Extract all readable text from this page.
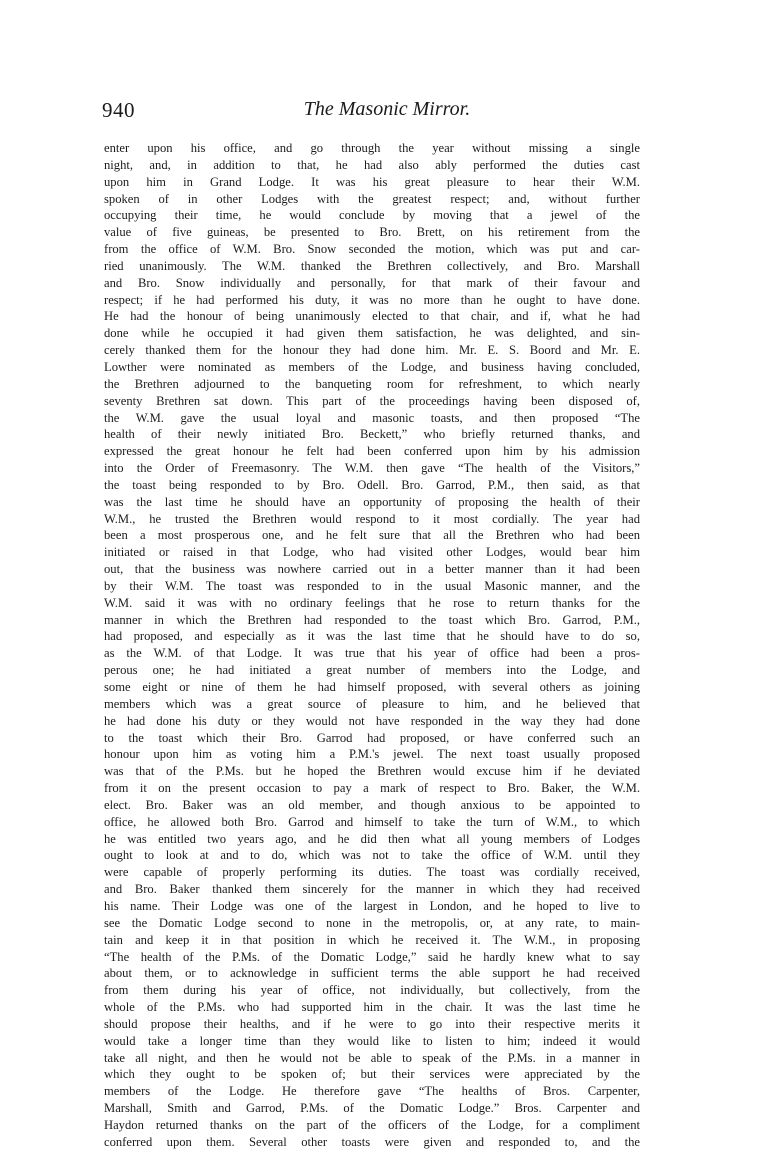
940	The Masonic Mirror.
enter upon his office, and go through the year without missing a single
night, and, in addition to that, he had also ably performed the duties cast
upon him in Grand Lodge. It was his great pleasure to hear their W.M.
spoken of in other Lodges with the greatest respect; and, without further
occupying their time, he would conclude by moving that a jewel of the
value of five guineas, be presented to Bro. Brett, on his retirement from the
from the office of W.M. Bro. Snow seconded the motion, which was put and car-
ried unanimously. The W.M. thanked the Brethren collectively, and Bro. Marshall
and Bro. Snow individually and personally, for that mark of their favour and
respect; if he had performed his duty, it was no more than he ought to have done.
He had the honour of being unanimously elected to that chair, and if, what he had
done while he occupied it had given them satisfaction, he was delighted, and sin-
cerely thanked them for the honour they had done him. Mr. E. S. Boord and Mr. E.
Lowther were nominated as members of the Lodge, and business having concluded,
the Brethren adjourned to the banqueting room for refreshment, to which nearly
seventy Brethren sat down. This part of the proceedings having been disposed of,
the W.M. gave the usual loyal and masonic toasts, and then proposed “The
health of their newly initiated Bro. Beckett,” who briefly returned thanks, and
expressed the great honour he felt had been conferred upon him by his admission
into the Order of Freemasonry. The W.M. then gave “The health of the Visitors,”
the toast being responded to by Bro. Odell. Bro. Garrod, P.M., then said, as that
was the last time he should have an opportunity of proposing the health of their
W.M., he trusted the Brethren would respond to it most cordially. The year had
been a most prosperous one, and he felt sure that all the Brethren who had been
initiated or raised in that Lodge, who had visited other Lodges, would bear him
out, that the business was nowhere carried out in a better manner than it had been
by their W.M. The toast was responded to in the usual Masonic manner, and the
W.M. said it was with no ordinary feelings that he rose to return thanks for the
manner in which the Brethren had responded to the toast which Bro. Garrod, P.M.,
had proposed, and especially as it was the last time that he should have to do so,
as the W.M. of that Lodge. It was true that his year of office had been a pros-
perous one; he had initiated a great number of members into the Lodge, and
some eight or nine of them he had himself proposed, with several others as joining
members which was a great source of pleasure to him, and he believed that
he had done his duty or they would not have responded in the way they had done
to the toast which their Bro. Garrod had proposed, or have conferred such an
honour upon him as voting him a P.M.'s jewel. The next toast usually proposed
was that of the P.Ms. but he hoped the Brethren would excuse him if he deviated
from it on the present occasion to pay a mark of respect to Bro. Baker, the W.M.
elect. Bro. Baker was an old member, and though anxious to be appointed to
office, he allowed both Bro. Garrod and himself to take the turn of W.M., to which
he was entitled two years ago, and he did then what all young members of Lodges
ought to look at and to do, which was not to take the office of W.M. until they
were capable of properly performing its duties. The toast was cordially received,
and Bro. Baker thanked them sincerely for the manner in which they had received
his name. Their Lodge was one of the largest in London, and he hoped to live to
see the Domatic Lodge second to none in the metropolis, or, at any rate, to main-
tain and keep it in that position in which he received it. The W.M., in proposing
“The health of the P.Ms. of the Domatic Lodge,” said he hardly knew what to say
about them, or to acknowledge in sufficient terms the able support he had received
from them during his year of office, not individually, but collectively, from the
whole of the P.Ms. who had supported him in the chair. It was the last time he
should propose their healths, and if he were to go into their respective merits it
would take a longer time than they would like to listen to him; indeed it would
take all night, and then he would not be able to speak of the P.Ms. in a manner in
which they ought to be spoken of; but their services were appreciated by the
members of the Lodge. He therefore gave “The healths of Bros. Carpenter,
Marshall, Smith and Garrod, P.Ms. of the Domatic Lodge.” Bros. Carpenter and
Haydon returned thanks on the part of the officers of the Lodge, for a compliment
conferred upon them. Several other toasts were given and responded to, and the
